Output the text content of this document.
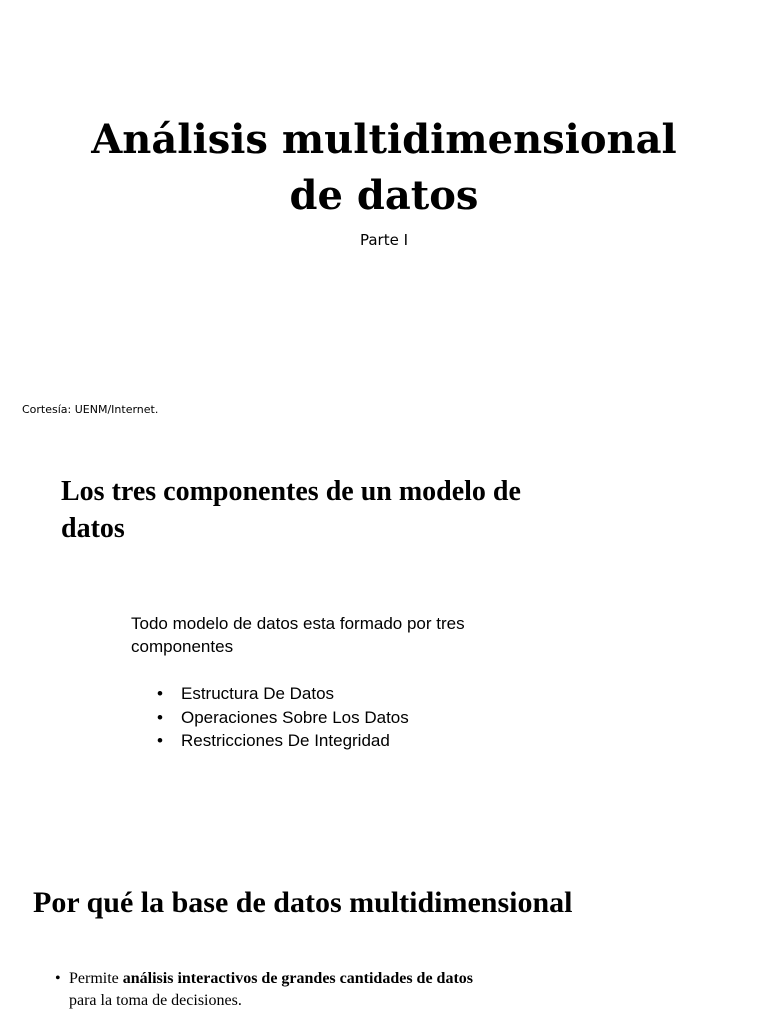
Análisis multidimensional
de datos
Parte I
Cortesía: UENM/Internet.
Los tres componentes de un modelo de
datos
Todo modelo de datos esta formado por tres
componentes
•	Estructura De Datos
•	Operaciones Sobre Los Datos
•	Restricciones De Integridad
Por qué la base de datos multidimensional
• Permite análisis interactivos de grandes cantidades de datos
para la toma de decisiones.
